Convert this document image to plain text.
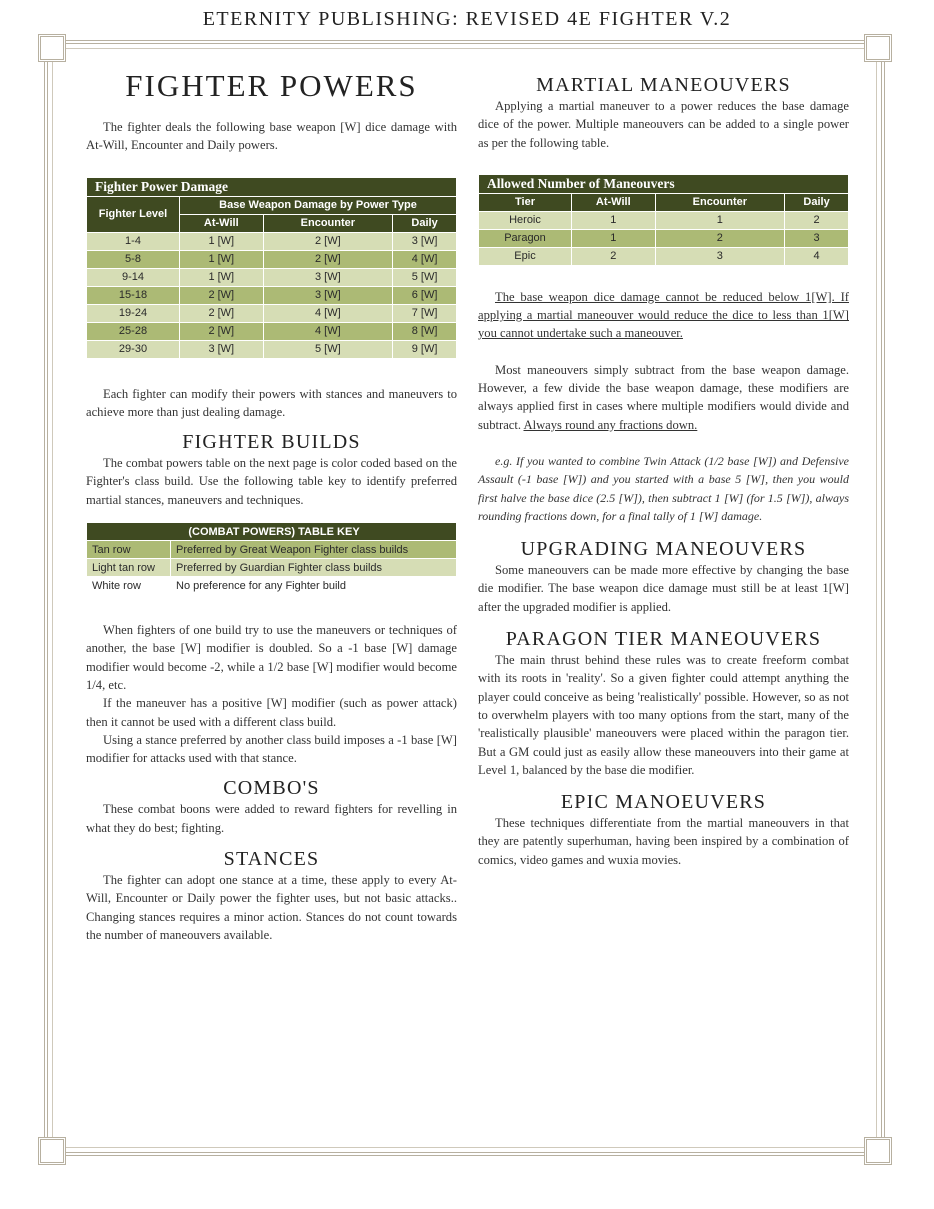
ETERNITY PUBLISHING: REVISED 4E FIGHTER V.2
FIGHTER POWERS

The fighter deals the following base weapon [W] dice damage with At-Will, Encounter and Daily powers.

Fighter Power Damage			
Fighter Level	Base Weapon Damage by Power Type		
	At-Will	Encounter	Daily
1-4	1 [W]	2 [W]	3 [W]
5-8	1 [W]	2 [W]	4 [W]
9-14	1 [W]	3 [W]	5 [W]
15-18	2 [W]	3 [W]	6 [W]
19-24	2 [W]	4 [W]	7 [W]
25-28	2 [W]	4 [W]	8 [W]
29-30	3 [W]	5 [W]	9 [W]

Each fighter can modify their powers with stances and maneuvers to achieve more than just dealing damage.

FIGHTER BUILDS

The combat powers table on the next page is color coded based on the Fighter's class build. Use the following table key to identify preferred martial stances, maneuvers and techniques.

(COMBAT POWERS) TABLE KEY	
Tan row	Preferred by Great Weapon Fighter class builds
Light tan row	Preferred by Guardian Fighter class builds
White row	No preference for any Fighter build

When fighters of one build try to use the maneuvers or techniques of another, the base [W] modifier is doubled. So a -1 base [W] damage modifier would become -2, while a 1/2 base [W] modifier would become 1/4, etc.

If the maneuver has a positive [W] modifier (such as power attack) then it cannot be used with a different class build.

Using a stance preferred by another class build imposes a -1 base [W] modifier for attacks used with that stance.

COMBO'S

These combat boons were added to reward fighters for revelling in what they do best; fighting.

STANCES

The fighter can adopt one stance at a time, these apply to every At-Will, Encounter or Daily power the fighter uses, but not basic attacks.. Changing stances requires a minor action. Stances do not count towards the number of maneouvers available.

MARTIAL MANEOUVERS

Applying a martial maneuver to a power reduces the base damage dice of the power. Multiple maneouvers can be added to a single power as per the following table.

Allowed Number of Maneouvers			
Tier	At-Will	Encounter	Daily
Heroic	1	1	2
Paragon	1	2	3
Epic	2	3	4

The base weapon dice damage cannot be reduced below 1[W]. If applying a martial maneouver would reduce the dice to less than 1[W] you cannot undertake such a maneouver.

Most maneouvers simply subtract from the base weapon damage. However, a few divide the base weapon damage, these modifiers are always applied first in cases where multiple modifiers would divide and subtract. Always round any fractions down.

e.g. If you wanted to combine Twin Attack (1/2 base [W]) and Defensive Assault (-1 base [W]) and you started with a base 5 [W], then you would first halve the base dice (2.5 [W]), then subtract 1 [W] (for 1.5 [W]), always rounding fractions down, for a final tally of 1 [W] damage.

UPGRADING MANEOUVERS

Some maneouvers can be made more effective by changing the base die modifier. The base weapon dice damage must still be at least 1[W] after the upgraded modifier is applied.

PARAGON TIER MANEOUVERS

The main thrust behind these rules was to create freeform combat with its roots in 'reality'. So a given fighter could attempt anything the player could conceive as being 'realistically' possible. However, so as not to overwhelm players with too many options from the start, many of the 'realistically plausible' maneouvers were placed within the paragon tier. But a GM could just as easily allow these maneouvers into their game at Level 1, balanced by the base die modifier.

EPIC MANOEUVERS

These techniques differentiate from the martial maneouvers in that they are patently superhuman, having been inspired by a combination of comics, video games and wuxia movies.
